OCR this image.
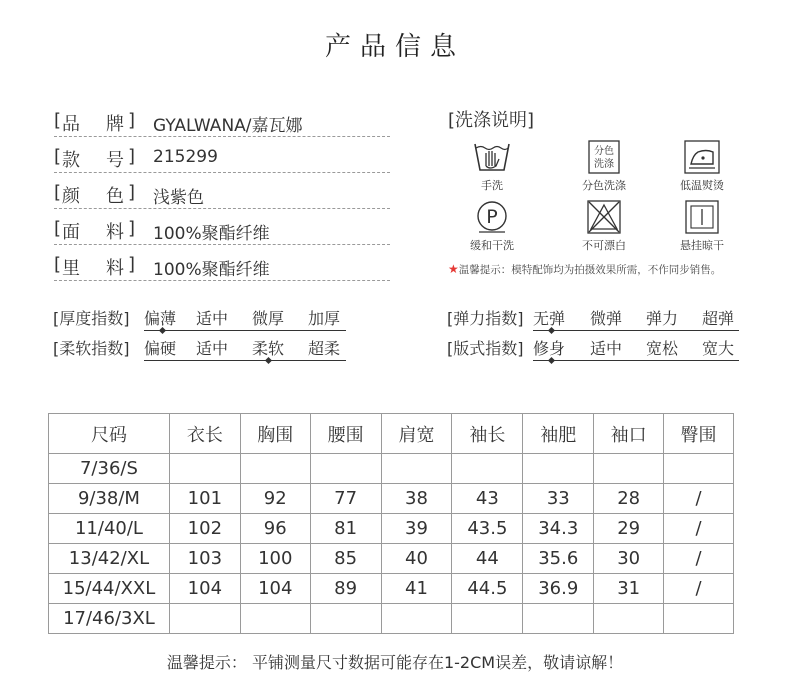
产品信息
[ 品 牌 ] GYALWANA/嘉瓦娜
[ 款 号 ] 215299
[ 颜 色 ] 浅紫色
[ 面 料 ] 100%聚酯纤维
[ 里 料 ] 100%聚酯纤维
[洗涤说明]
手洗
分色
洗涤
分色洗涤	低温熨烫
P
缓和干洗	不可漂白	悬挂晾干
★温馨提示：模特配饰均为拍摄效果所需，不作同步销售。
[厚度指数] 偏薄 适中 微厚 加厚
[柔软指数] 偏硬 适中 柔软 超柔
[弹力指数] 无弹 微弹 弹力 超弹
[版式指数] 修身 适中 宽松 宽大
尺码	衣长	胸围	腰围	肩宽	袖长	袖肥	袖口	臀围
7/36/S								
9/38/M	101	92	77	38	43	33	28	/
11/40/L	102	96	81	39	43.5	34.3	29	/
13/42/XL	103	100	85	40	44	35.6	30	/
15/44/XXL	104	104	89	41	44.5	36.9	31	/
17/46/3XL								
温馨提示： 平铺测量尺寸数据可能存在1-2CM误差，敬请谅解！
